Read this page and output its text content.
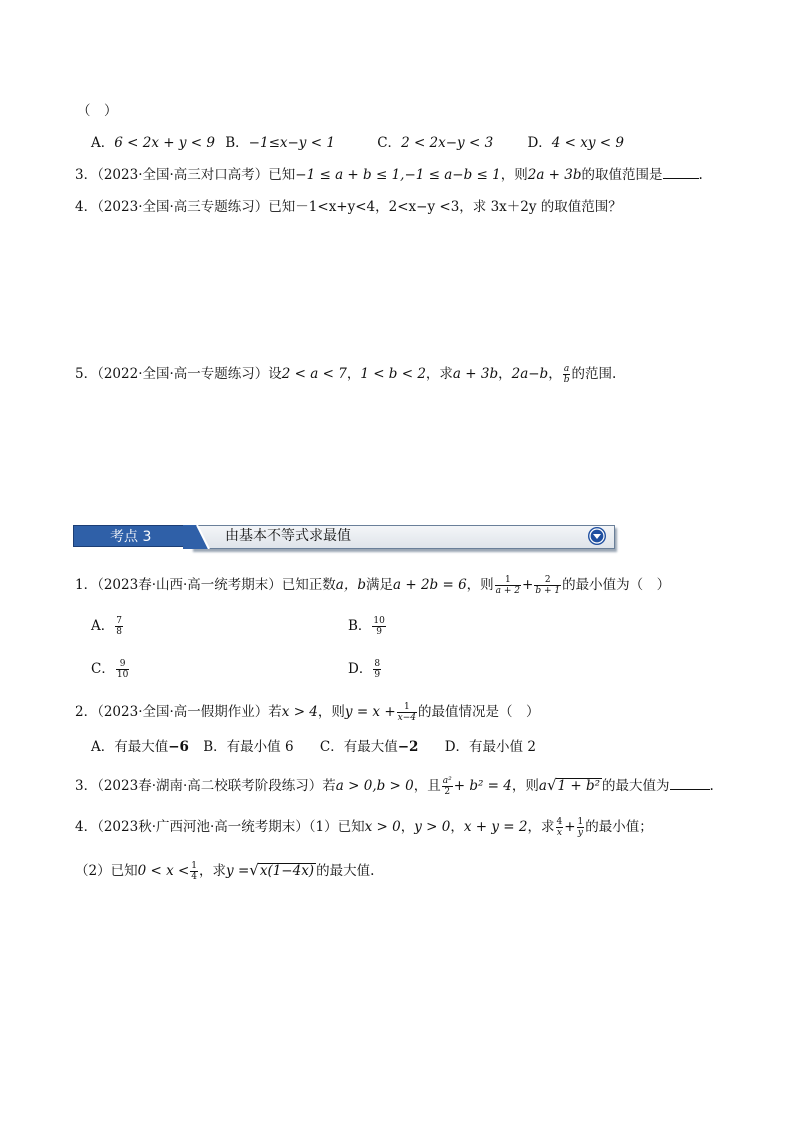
（　）
A．6 < 2x + y < 9 B．−1≤x−y < 1	C．2 < 2x−y < 3	D．4 < xy < 9
3．（2023·全国·高三对口高考）已知−1 ≤ a + b ≤ 1,−1 ≤ a−b ≤ 1，则2a + 3b的取值范围是	.
4．（2023·全国·高三专题练习）已知－1<x+y<4，2<x−y <3，求 3x＋2y 的取值范围？
5．（2022·全国·高一专题练习）设2 < a < 7，1 < b < 2，求a + 3b，2a−b， $\frac{a}{b}$ 的范围.
考点 3	由基本不等式求最值
1．（2023春·山西·高一统考期末）已知正数a，b满足a + 2b = 6，则 $\frac{1}{a + 2} + \frac{2}{b + 1}$ 的最小值为（　）
A． $\frac{7}{8}$	B． $\frac{10}{9}$
C． $\frac{9}{10}$	D． $\frac{8}{9}$
2．（2023·全国·高一假期作业）若x > 4，则$y = x + \frac{1}{x-4}$ 的最值情况是（　）
A．有最大值−6 B．有最小值 6 C．有最大值−2 D．有最小值 2
3．（2023春·湖南·高二校联考阶段练习）若a > 0,b > 0，且 $\frac{\text{a²}}{2} + b^2 = 4$，则a√1 + b² 的最大值为	.
4．（2023秋·广西河池·高一统考期末）（1）已知x > 0，y > 0，x + y = 2，求 $\frac{4}{x} + \frac{1}{y}$ 的最小值；
（2）已知$0 < x < \frac{1}{4}$ ，求y =√x(1−4x) 的最大值.
